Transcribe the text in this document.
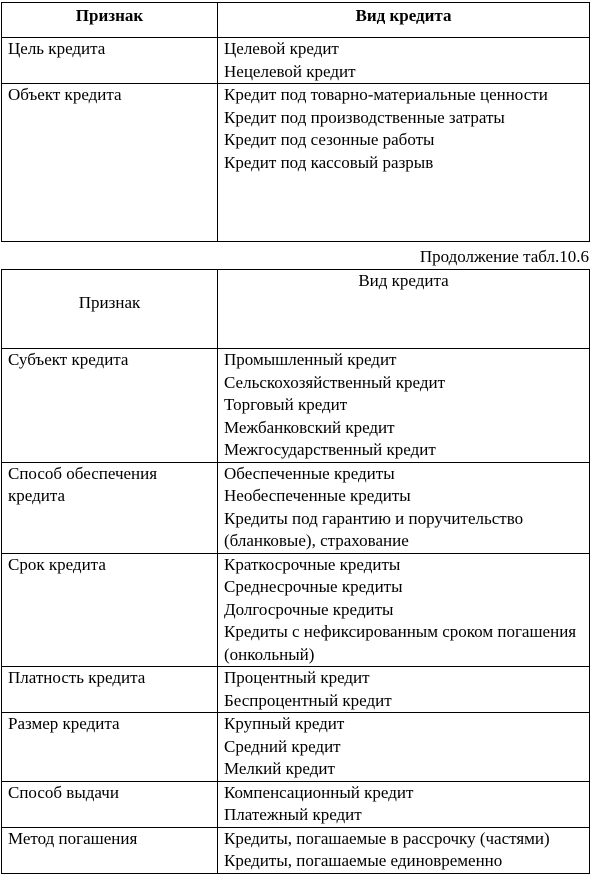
Признак	Вид кредита
Цель кредита	Целевой кредит
Нецелевой кредит

Объект кредита	Кредит под товарно-материальные ценности
Кредит под производственные затраты
Кредит под сезонные работы
Кредит под кассовый разрыв
Продолжение табл.10.6
Признак	Вид кредита
Субъект кредита	Промышленный кредит
Сельскохозяйственный кредит
Торговый кредит
Межбанковский кредит
Межгосударственный кредит

Способ обеспечения кредита	Обеспеченные кредиты
Необеспеченные кредиты
Кредиты под гарантию и поручительство (бланковые), страхование

Срок кредита	Краткосрочные кредиты
Среднесрочные кредиты
Долгосрочные кредиты
Кредиты с нефиксированным сроком погашения (онкольный)

Платность кредита	Процентный кредит
Беспроцентный кредит

Размер кредита	Крупный кредит
Средний кредит
Мелкий кредит

Способ выдачи	Компенсационный кредит
Платежный кредит

Метод погашения	Кредиты, погашаемые в рассрочку (частями)
Кредиты, погашаемые единовременно
